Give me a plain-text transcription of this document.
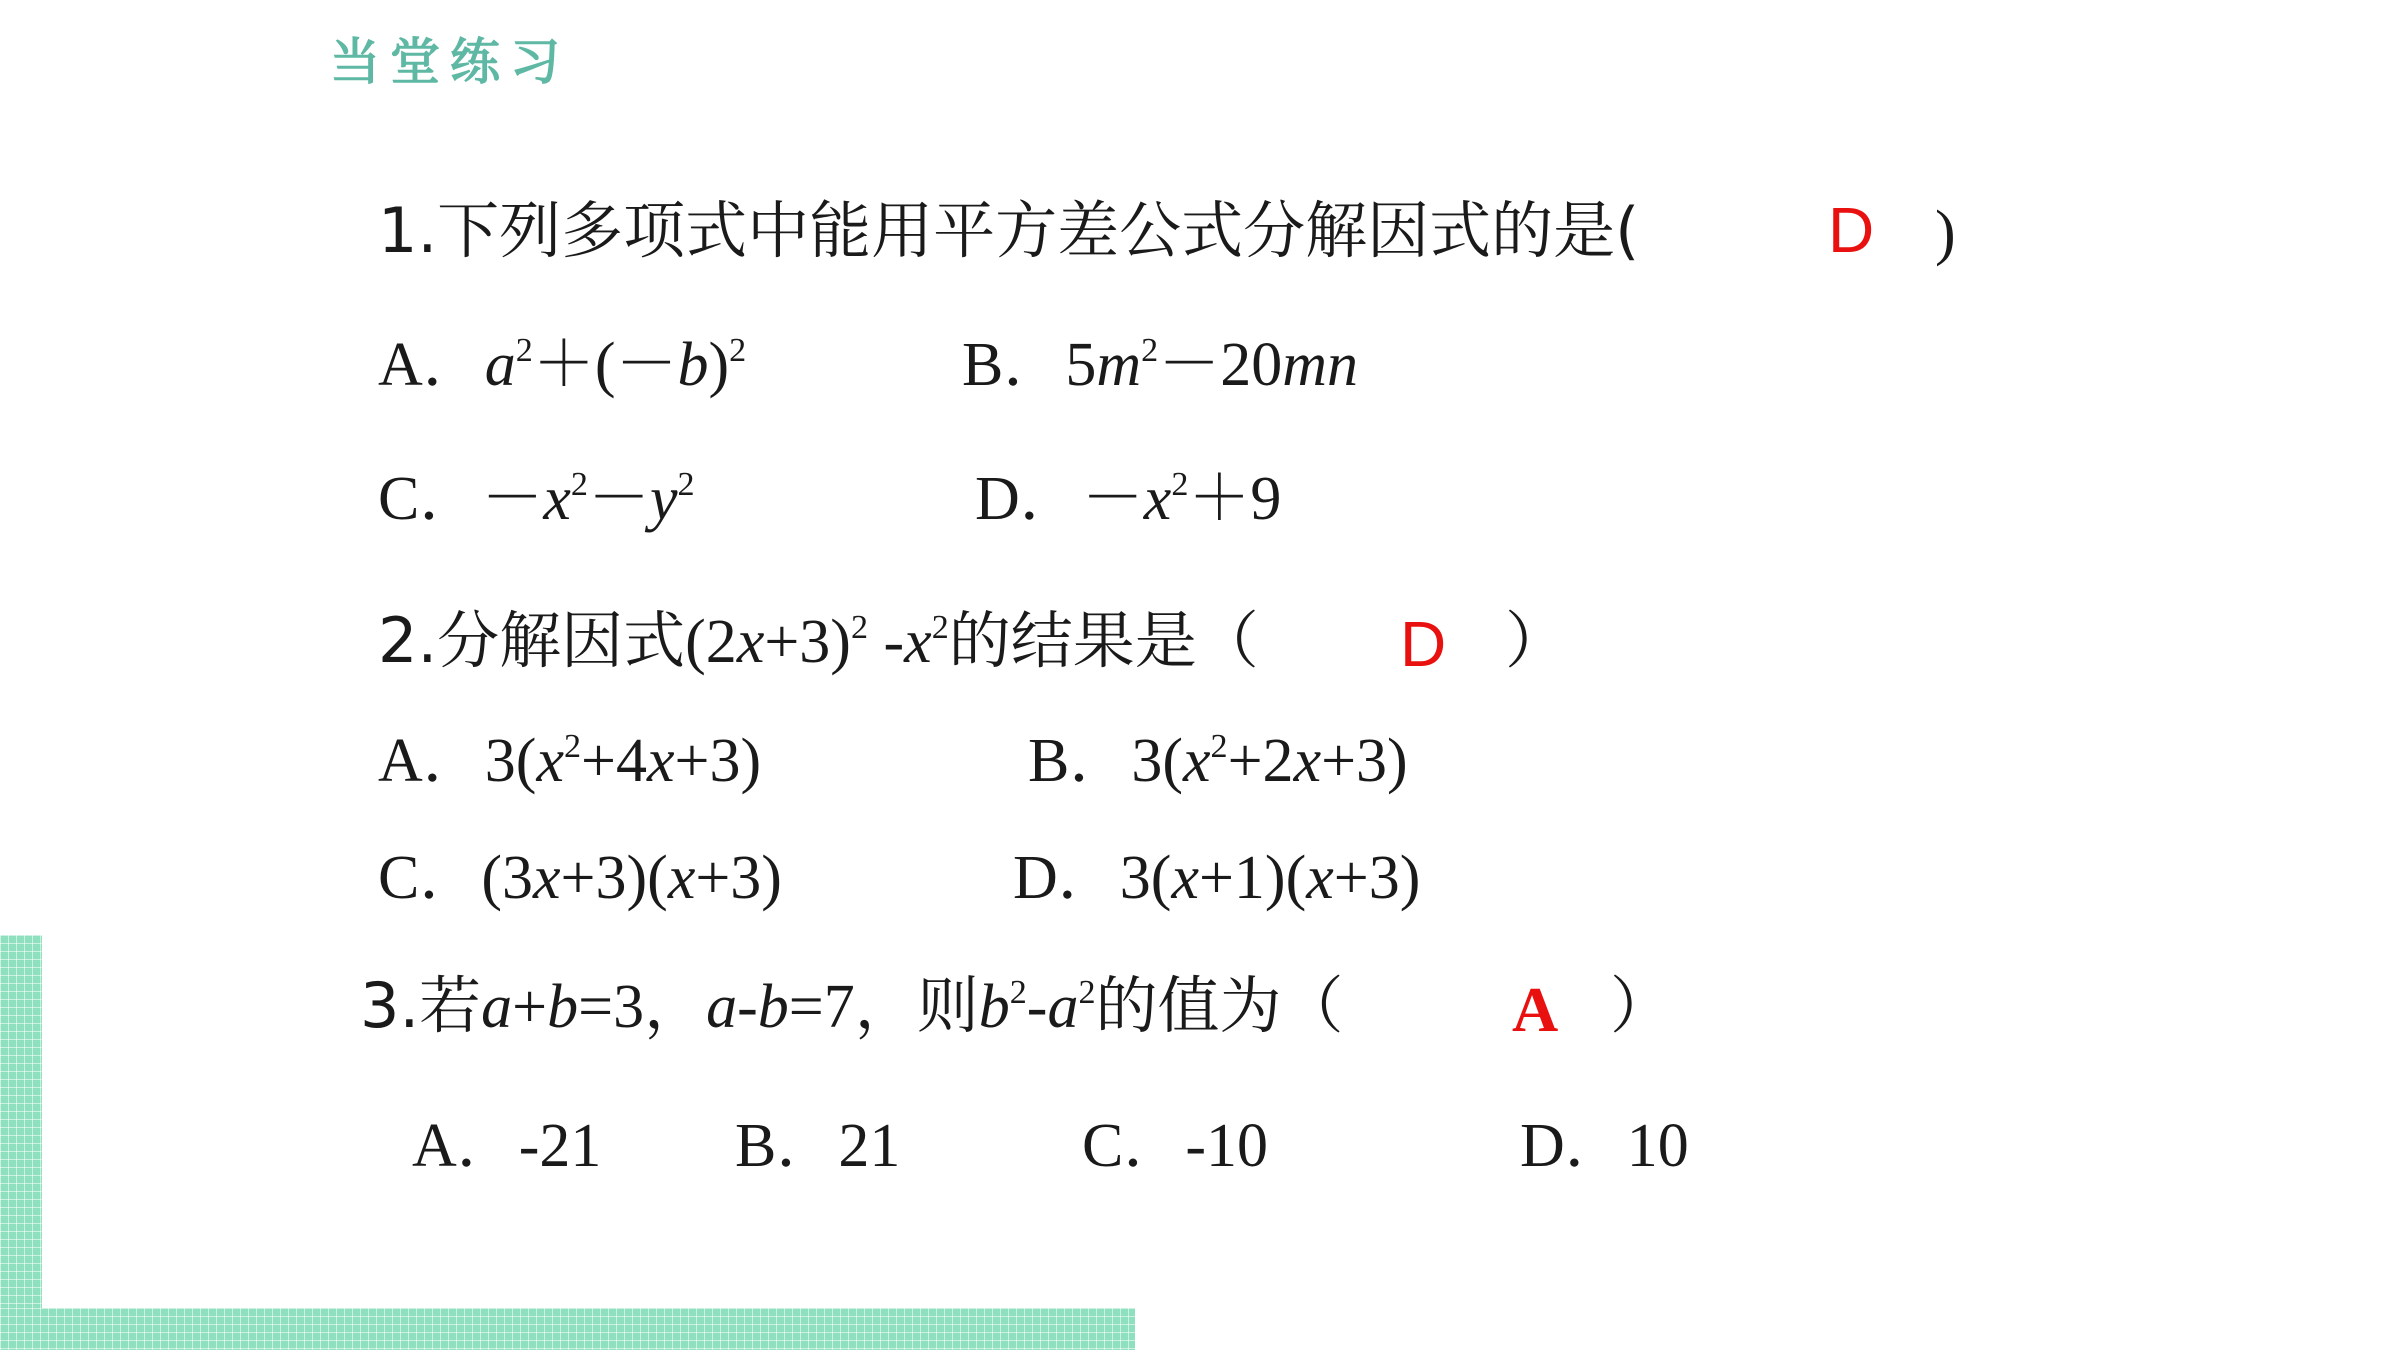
当堂练习
1.下列多项式中能用平方差公式分解因式的是(	D )
A．$a^2+(-b)^2$	B．$5m^2-20mn$
C．$-x^2-y^2$	D．$-x^2+9$
2.分解因式$(2x+3)^2$ $-x^2$的结果是（ D ）
A．$3(x^2+4x+3)$	B．$3(x^2+2x+3)$
C．(3x+3)(x+3)	D．3(x+1)(x+3)
3.若a+b=3，a-b=7，则$b^2-a^2$的值为（	A ）
A．-21 B．21	C．-10	D．10
